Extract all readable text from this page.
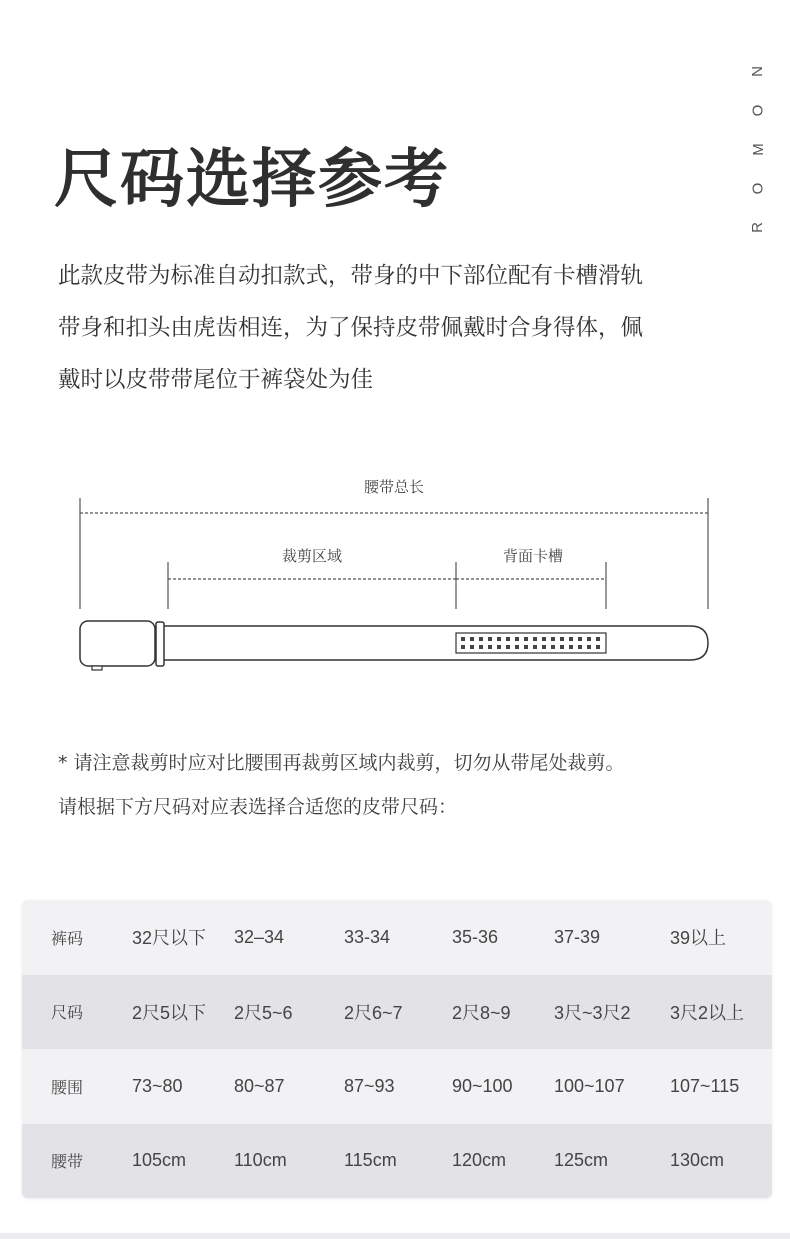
N
O
M
O
R
尺码选择参考

此款皮带为标准自动扣款式，带身的中下部位配有卡槽滑轨

带身和扣头由虎齿相连，为了保持皮带佩戴时合身得体，佩

戴时以皮带带尾位于裤袋处为佳

腰带总长
裁剪区域	背面卡槽

* 请注意裁剪时应对比腰围再裁剪区域内裁剪，切勿从带尾处裁剪。

请根据下方尺码对应表选择合适您的皮带尺码：

裤码	32尺以下	32–34	33-34	35-36	37-39	39以上
尺码	2尺5以下	2尺5~6	2尺6~7	2尺8~9	3尺~3尺2	3尺2以上
腰围	73~80	80~87	87~93	90~100	100~107	107~115
腰带	105cm	110cm	115cm	120cm	125cm	130cm
